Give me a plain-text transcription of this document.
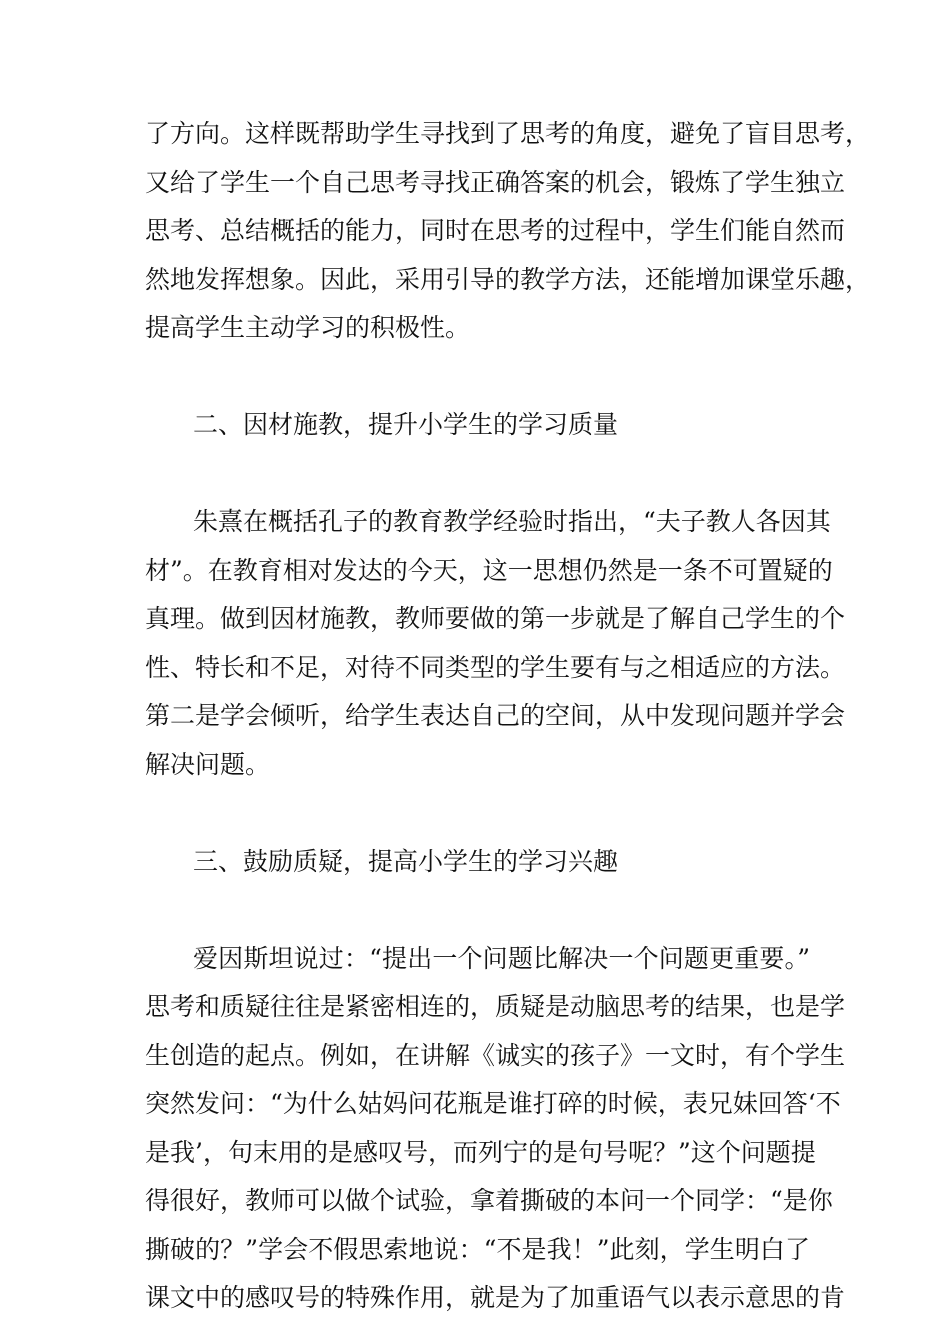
了方向。这样既帮助学生寻找到了思考的角度，避免了盲目思考，
又给了学生一个自己思考寻找正确答案的机会，锻炼了学生独立
思考、总结概括的能力，同时在思考的过程中，学生们能自然而
然地发挥想象。因此，采用引导的教学方法，还能增加课堂乐趣，
提高学生主动学习的积极性。
二、因材施教，提升小学生的学习质量
朱熹在概括孔子的教育教学经验时指出，“夫子教人各因其
材”。在教育相对发达的今天，这一思想仍然是一条不可置疑的
真理。做到因材施教，教师要做的第一步就是了解自己学生的个
性、特长和不足，对待不同类型的学生要有与之相适应的方法。
第二是学会倾听，给学生表达自己的空间，从中发现问题并学会
解决问题。
三、鼓励质疑，提高小学生的学习兴趣
爱因斯坦说过：“提出一个问题比解决一个问题更重要。”
思考和质疑往往是紧密相连的，质疑是动脑思考的结果，也是学
生创造的起点。例如，在讲解《诚实的孩子》一文时，有个学生
突然发问：“为什么姑妈问花瓶是谁打碎的时候，表兄妹回答‘不
是我’，句末用的是感叹号，而列宁的是句号呢？”这个问题提
得很好，教师可以做个试验，拿着撕破的本问一个同学：“是你
撕破的？”学会不假思索地说：“不是我！”此刻，学生明白了
课文中的感叹号的特殊作用，就是为了加重语气以表示意思的肯
